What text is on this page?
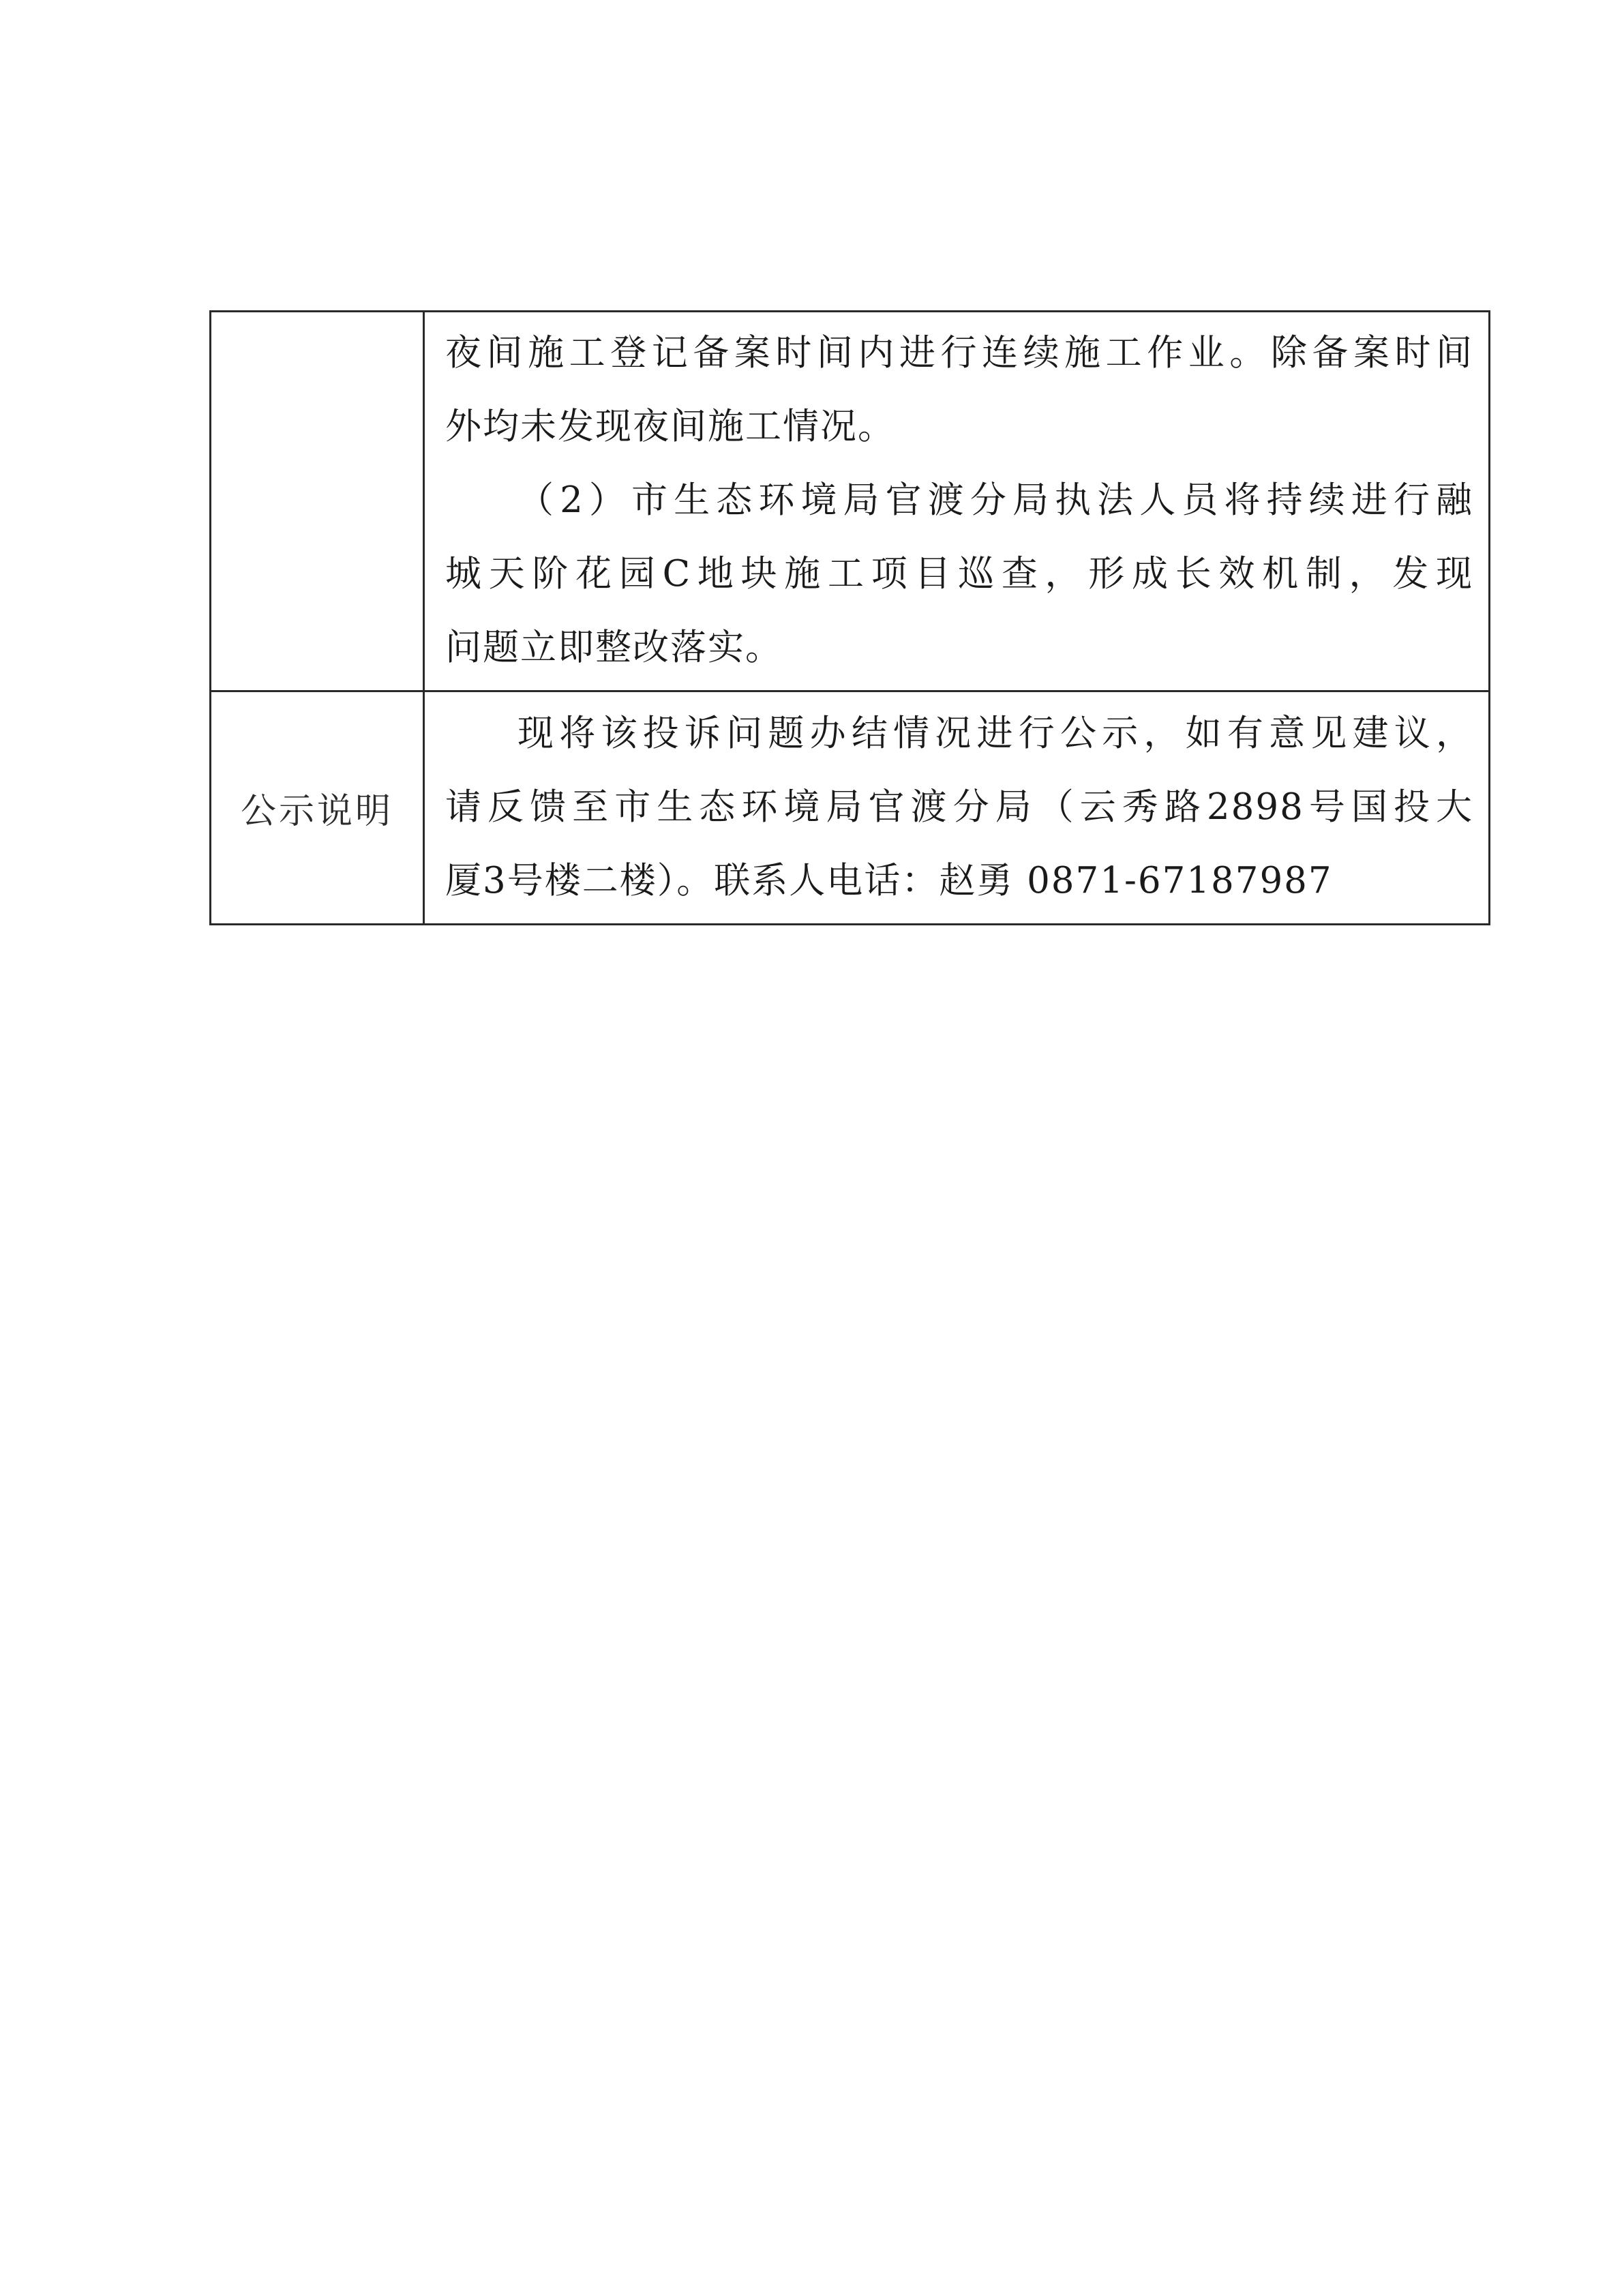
	夜间施工登记备案时间内进行连续施工作业。除备案时间
外均未发现夜间施工情况。
（2）市生态环境局官渡分局执法人员将持续进行融
城天阶花园C地块施工项目巡查，形成长效机制，发现
问题立即整改落实。

公示说明	现将该投诉问题办结情况进行公示，如有意见建议，
请反馈至市生态环境局官渡分局（云秀路2898号国投大
厦3号楼二楼）。联系人电话：赵勇 0871-67187987
